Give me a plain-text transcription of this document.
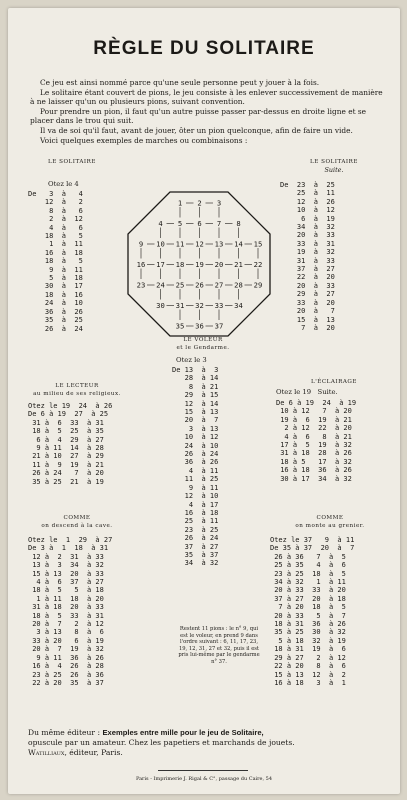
RÈGLE DU SOLITAIRE

Ce jeu est ainsi nommé parce qu'une seule personne peut y jouer à la fois.

Le solitaire étant couvert de pions, le jeu consiste à les enlever successivement de manière à ne laisser qu'un ou plusieurs pions, suivant convention.

Pour prendre un pion, il faut qu'un autre puisse passer par-dessus en droite ligne et se placer dans le trou qui suit.

Il va de soi qu'il faut, avant de jouer, ôter un pion quelconque, afin de faire un vide.

Voici quelques exemples de marches ou combinaisons :

LE SOLITAIRE
Otez le 4
De   3  à   4
12  à   2
8  à   6
2  à  12
4  à   6
18  à   5
1  à  11
16  à  18
18  à   5
9  à  11
5  à  18
30  à  17
18  à  16
24  à  10
36  à  26
35  à  25
26  à  24
LE SOLITAIRE
Suite.
De  23  à  25
25  à  11
12  à  26
10  à  12
6  à  19
34  à  32
20  à  33
33  à  31
19  à  32
31  à  33
37  à  27
22  à  20
20  à  33
29  à  27
33  à  20
20  à   7
15  à  13
7  à  20
1 2 3
4 5 6 7 8
9 10 11 12 13 14 15
16 17 18 19 20 21 22
23 24 25 26 27 28 29
30 31 32 33 34
35 36 37
LE VOLEUR
et le Gendarme.
Otez le 3
De 13  à  3
28  à 14
8  à 21
29  à 15
12  à 14
15  à 13
20  à  7
3  à 13
10  à 12
24  à 10
26  à 24
36  à 26
4  à 11
11  à 25
9  à 11
12  à 10
4  à 17
16  à 18
25  à 11
23  à 25
26  à 24
37  à 27
35  à 37
34  à 32
Restent 11 pions : le n° 9, qui est le voleur, en prend 9 dans l'ordre suivant : 6, 11, 17, 23, 19, 12, 31, 27 et 32, puis il est pris lui-même par le gendarme n° 37.
LE LECTEUR
au milieu de ses religieux.
Otez le 19  24  à 26
De 6 à 19  27  à 25
31 à  6  33  à 31
18 à  5  25  à 35
6 à  4  29  à 27
9 à 11  14  à 28
21 à 10  27  à 29
11 à  9  19  à 21
26 à 24   7  à 20
35 à 25  21  à 19
L'ÉCLAIRAGE
Otez le 19   Suite.
De 6 à 19  24  à 19
10 à 12   7  à 20
19 à  6  19  à 21
2 à 12  22  à 20
4 à  6   8  à 21
17 à  5  19  à 32
31 à 18  28  à 26
18 à 5   17  à 32
16 à 18  36  à 26
30 à 17  34  à 32
COMME
on descend à la cave.
Otez le  1  29  à 27
De 3 à  1  18  à 31
12 à  2  31  à 33
13 à  3  34  à 32
15 à 13  20  à 33
4 à  6  37  à 27
18 à  5   5  à 18
1 à 11  18  à 20
31 à 18  20  à 33
18 à  5  33  à 31
20 à  7   2  à 12
3 à 13   8  à  6
33 à 20   6  à 19
20 à  7  19  à 32
9 à 11  36  à 26
16 à  4  26  à 28
23 à 25  26  à 36
22 à 20  35  à 37
COMME
on monte au grenier.
Otez le 37   9  à 11
De 35 à 37  20  à  7
26 à 36   7  à  5
25 à 35   4  à  6
23 à 25  18  à  5
34 à 32   1  à 11
20 à 33  33  à 20
37 à 27  20  à 18
7 à 20  18  à  5
20 à 33   5  à  7
18 à 31  36  à 26
35 à 25  30  à 32
5 à 18  32  à 19
18 à 31  19  à  6
29 à 27   2  à 12
22 à 20   8  à  6
15 à 13  12  à  2
16 à 18   3  à  1
Du même éditeur : Exemples entre mille pour le jeu de Solitaire,
opuscule par un amateur. Chez les papetiers et marchands de jouets.
Watilliaux, éditeur, Paris.
Paris - Imprimerie J. Rigal & C°, passage du Caire, 54
